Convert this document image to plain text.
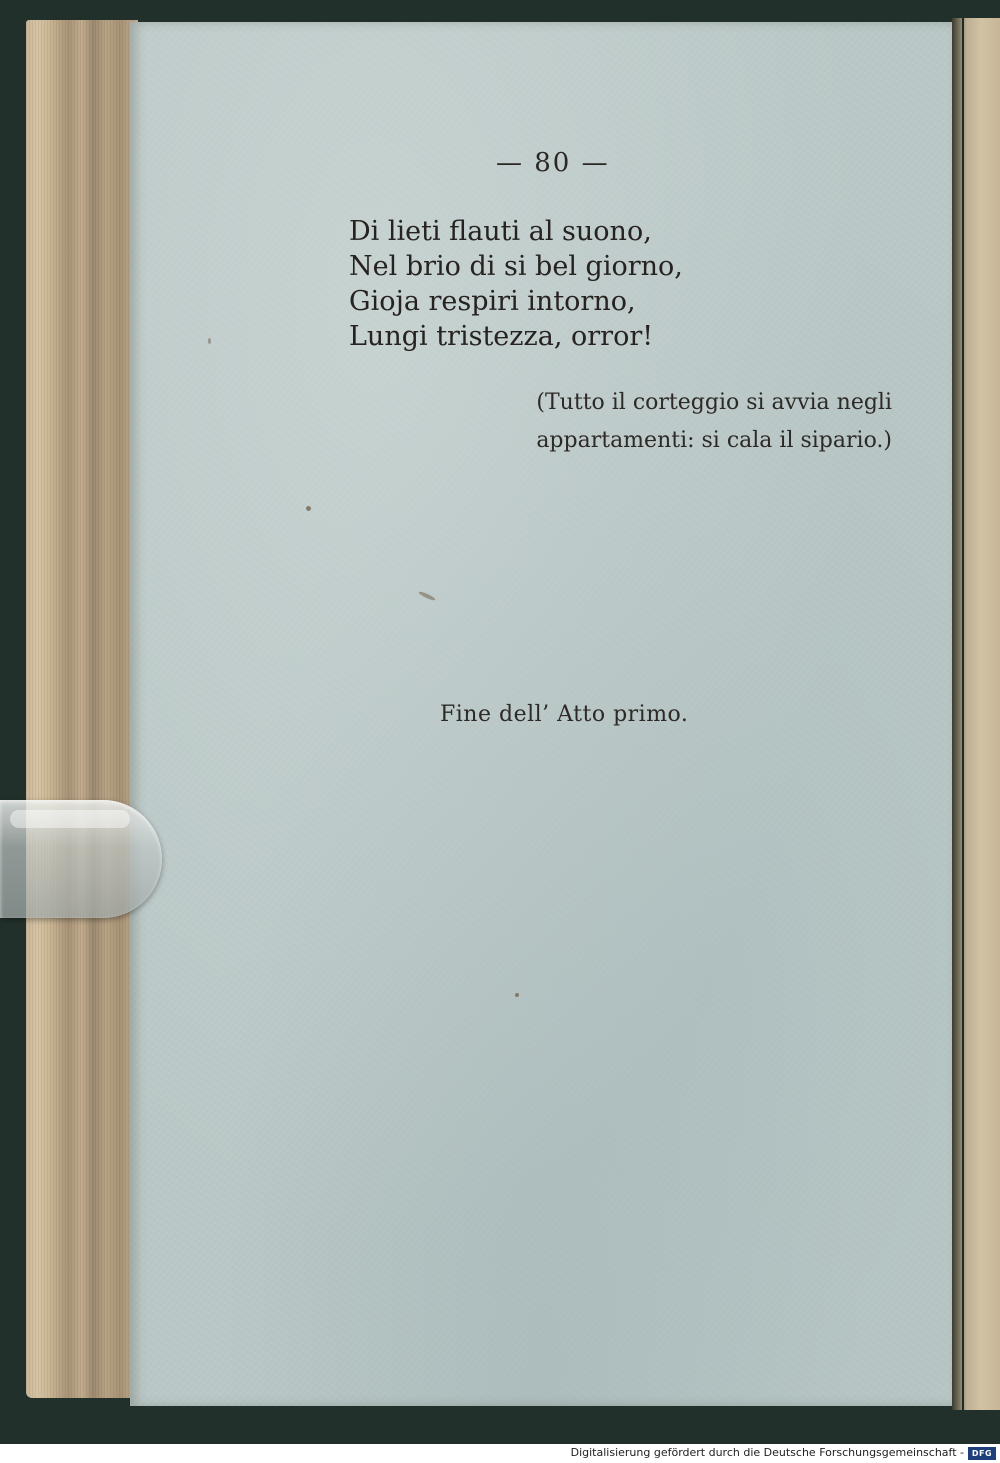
— 80 —
Di lieti flauti al suono,
Nel brio di si bel giorno,
Gioja respiri intorno,
Lungi tristezza, orror!
(Tutto il corteggio si avvia negli
appartamenti: si cala il sipario.)
Fine dell’ Atto primo.
Digitalisierung gefördert durch die Deutsche Forschungsgemeinschaft - DFG
